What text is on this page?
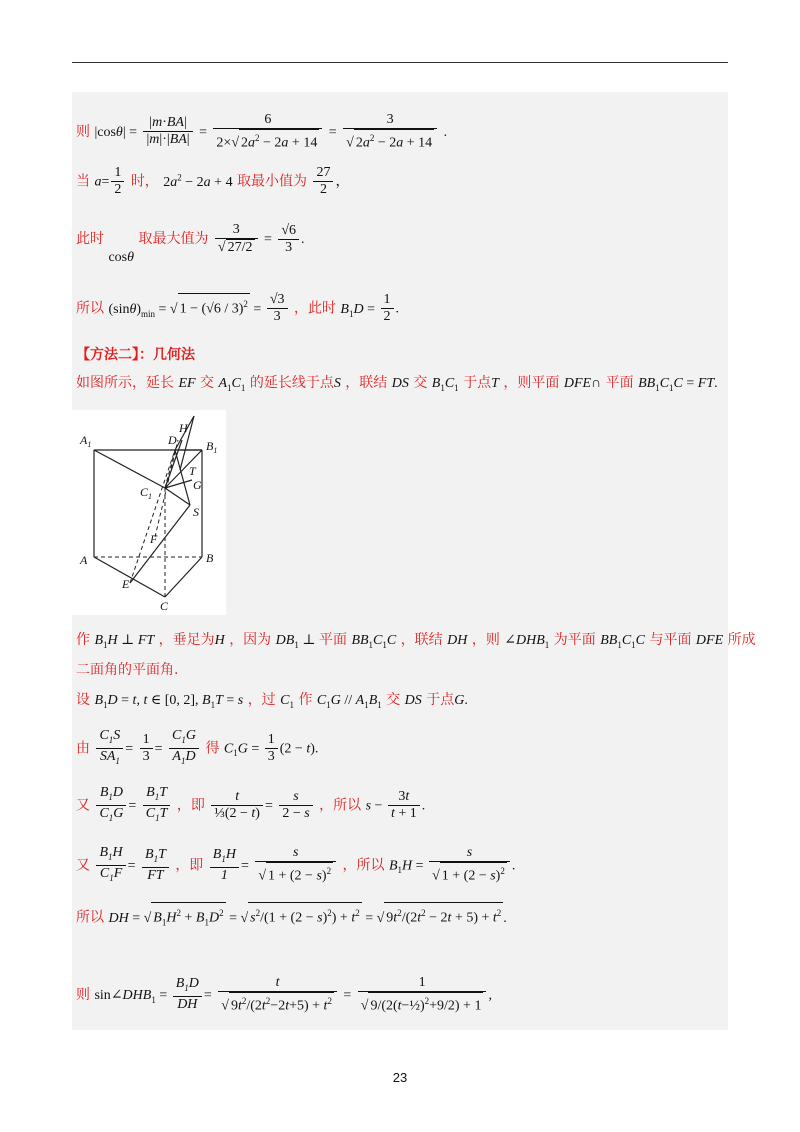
则 $|\cos\theta| = \frac{|m\cdot BA|}{|m|\cdot|BA|} = \frac{6}{2\times√ 2a^2 - 2a + 14} = \frac{3}{√ 2a^2 - 2a + 14}$ .
当 $a= \frac{1}{2}$ 时， $2a^2 - 2a + 4$ 取最小值为 $\frac{27}{2}$ ，
此时 cosθ 取最大值为 $\frac{3}{√ 27/2} = \frac{√6}{3}$ .
所以 $(\sin\theta)_{min}$ = √ $1 - (√6 / 3)^2 = \frac{√3}{3}$ ，此时 $B_1D = \frac{1}{2}$ .
【方法二】：几何法
如图所示，延长 EF 交 $A_1C_1$ 的延长线于点S ，联结 DS 交 $B_1C_1$ 于点T ，则平面 DFE∩ 平面 $BB_1C_1C$ = FT.
$A_1$	D
H
$B_1$
T
$C_1$
G
S
F
A	B
E
C
作 $B_1H$ ⊥ FT ，垂足为H ，因为 $DB_1$ ⊥ 平面 $BB_1C_1C$ ，联结 DH ，则 $\angle DHB_1$ 为平面 $BB_1C_1C$ 与平面 DFE 所成
二面角的平面角.
设 $B_1D = t$, t ∈ [0, 2], $B_1T = s$ ，过 $C_1$ 作 $C_1G // A_1B_1$ 交 DS 于点G.
由 $\frac{C_1S}{SA_1} = \frac{1}{3} = \frac{C_1G}{A_1D}$ 得 $C_1G = \frac{1}{3} (2 - t)$.
又 $\frac{B_1D}{C_1G} = \frac{B_1T}{C_1T}$ ，即 $\frac{t}{\text{⅓(2 − t)}} = \frac{s}{2 - s}$ ，所以 $s - \frac{3t}{t + 1}$ .
又 $\frac{B_1H}{C_1F} = \frac{B_1T}{FT}$ ，即 $\frac{B_1H}{1} = \frac{s}{√ 1 + (2 - s)^2}$ ，所以 $B_1H = \frac{s}{√ 1 + (2 - s)^2}$ .
所以 DH = √ $B_1H^2 + B_1D^2$ = √ $s^2/(1 + (2 - s)^2) + t^2$ = √ $9t^2/(2t^2 - 2t + 5) + t^2$ .
则 $\sin\angle DHB_1 = \frac{B_1D}{DH} = \frac{t}{√ 9t^2/(2t^2-2t+5) + t^2} = \frac{1}{√ 9/(2(t-\frac{1}{2})^2+9/2) + 1}$ ,
23
